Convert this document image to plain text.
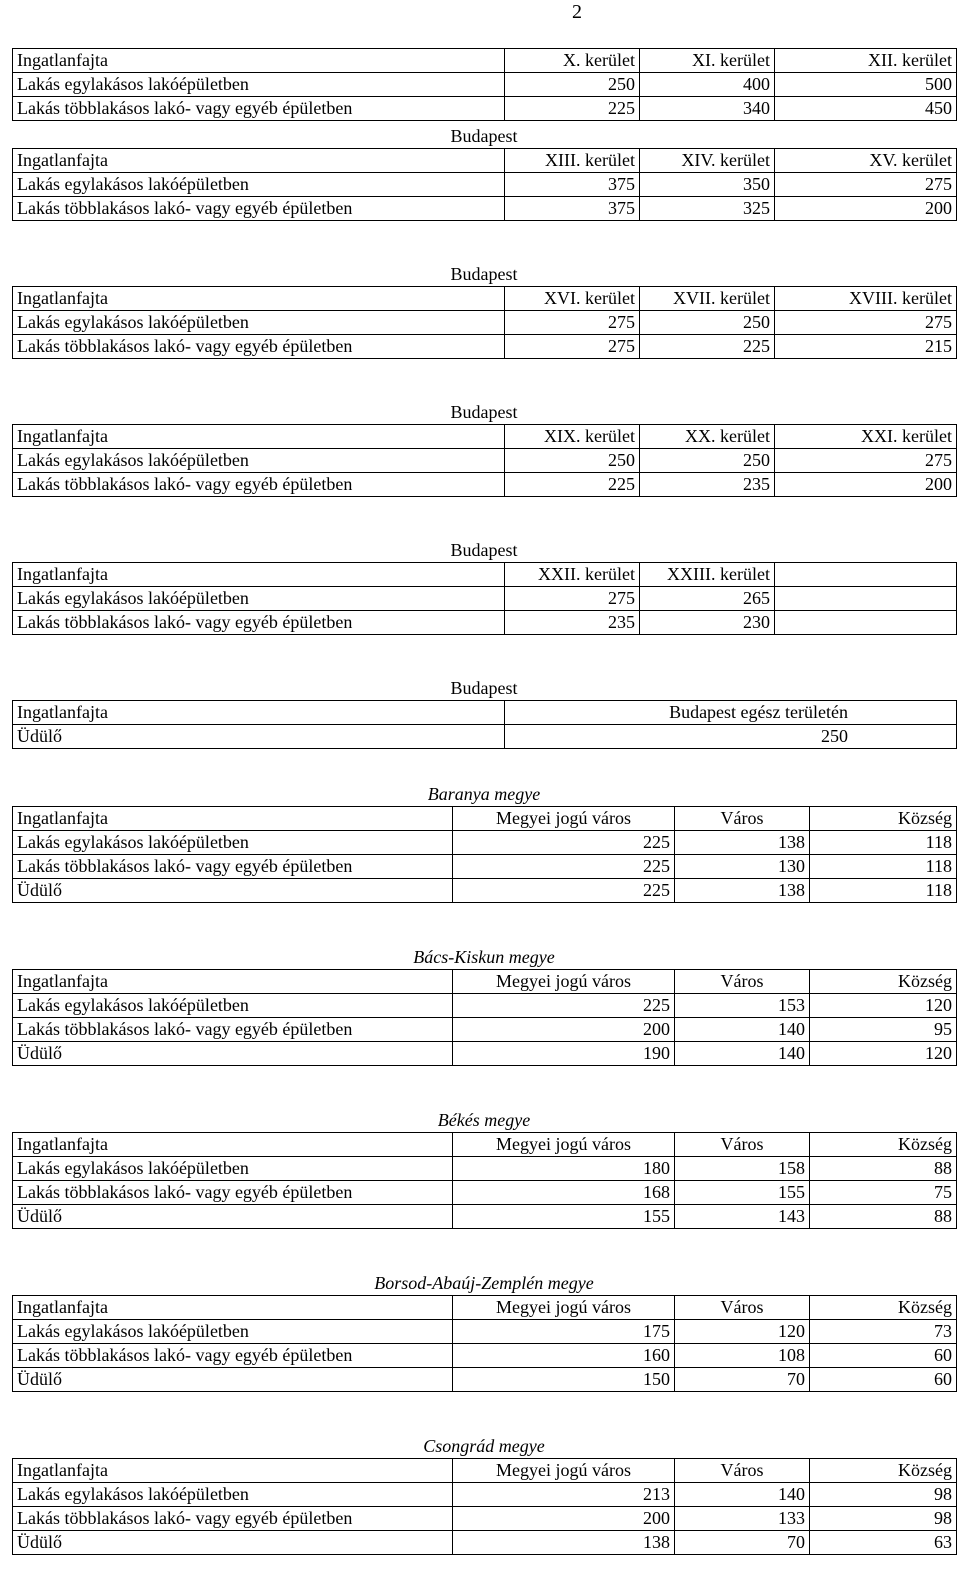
2
Ingatlanfajta	X. kerület	XI. kerület	XII. kerület
Lakás egylakásos lakóépületben	250	400	500
Lakás többlakásos lakó- vagy egyéb épületben	225	340	450
Budapest
Ingatlanfajta	XIII. kerület	XIV. kerület	XV. kerület
Lakás egylakásos lakóépületben	375	350	275
Lakás többlakásos lakó- vagy egyéb épületben	375	325	200
Budapest
Ingatlanfajta	XVI. kerület	XVII. kerület	XVIII. kerület
Lakás egylakásos lakóépületben	275	250	275
Lakás többlakásos lakó- vagy egyéb épületben	275	225	215
Budapest
Ingatlanfajta	XIX. kerület	XX. kerület	XXI. kerület
Lakás egylakásos lakóépületben	250	250	275
Lakás többlakásos lakó- vagy egyéb épületben	225	235	200
Budapest
Ingatlanfajta	XXII. kerület	XXIII. kerület	
Lakás egylakásos lakóépületben	275	265	
Lakás többlakásos lakó- vagy egyéb épületben	235	230	
Budapest
Ingatlanfajta	Budapest egész területén
Üdülő	250
Baranya megye
Ingatlanfajta	Megyei jogú város	Város	Község
Lakás egylakásos lakóépületben	225	138	118
Lakás többlakásos lakó- vagy egyéb épületben	225	130	118
Üdülő	225	138	118
Bács-Kiskun megye
Ingatlanfajta	Megyei jogú város	Város	Község
Lakás egylakásos lakóépületben	225	153	120
Lakás többlakásos lakó- vagy egyéb épületben	200	140	95
Üdülő	190	140	120
Békés megye
Ingatlanfajta	Megyei jogú város	Város	Község
Lakás egylakásos lakóépületben	180	158	88
Lakás többlakásos lakó- vagy egyéb épületben	168	155	75
Üdülő	155	143	88
Borsod-Abaúj-Zemplén megye
Ingatlanfajta	Megyei jogú város	Város	Község
Lakás egylakásos lakóépületben	175	120	73
Lakás többlakásos lakó- vagy egyéb épületben	160	108	60
Üdülő	150	70	60
Csongrád megye
Ingatlanfajta	Megyei jogú város	Város	Község
Lakás egylakásos lakóépületben	213	140	98
Lakás többlakásos lakó- vagy egyéb épületben	200	133	98
Üdülő	138	70	63
